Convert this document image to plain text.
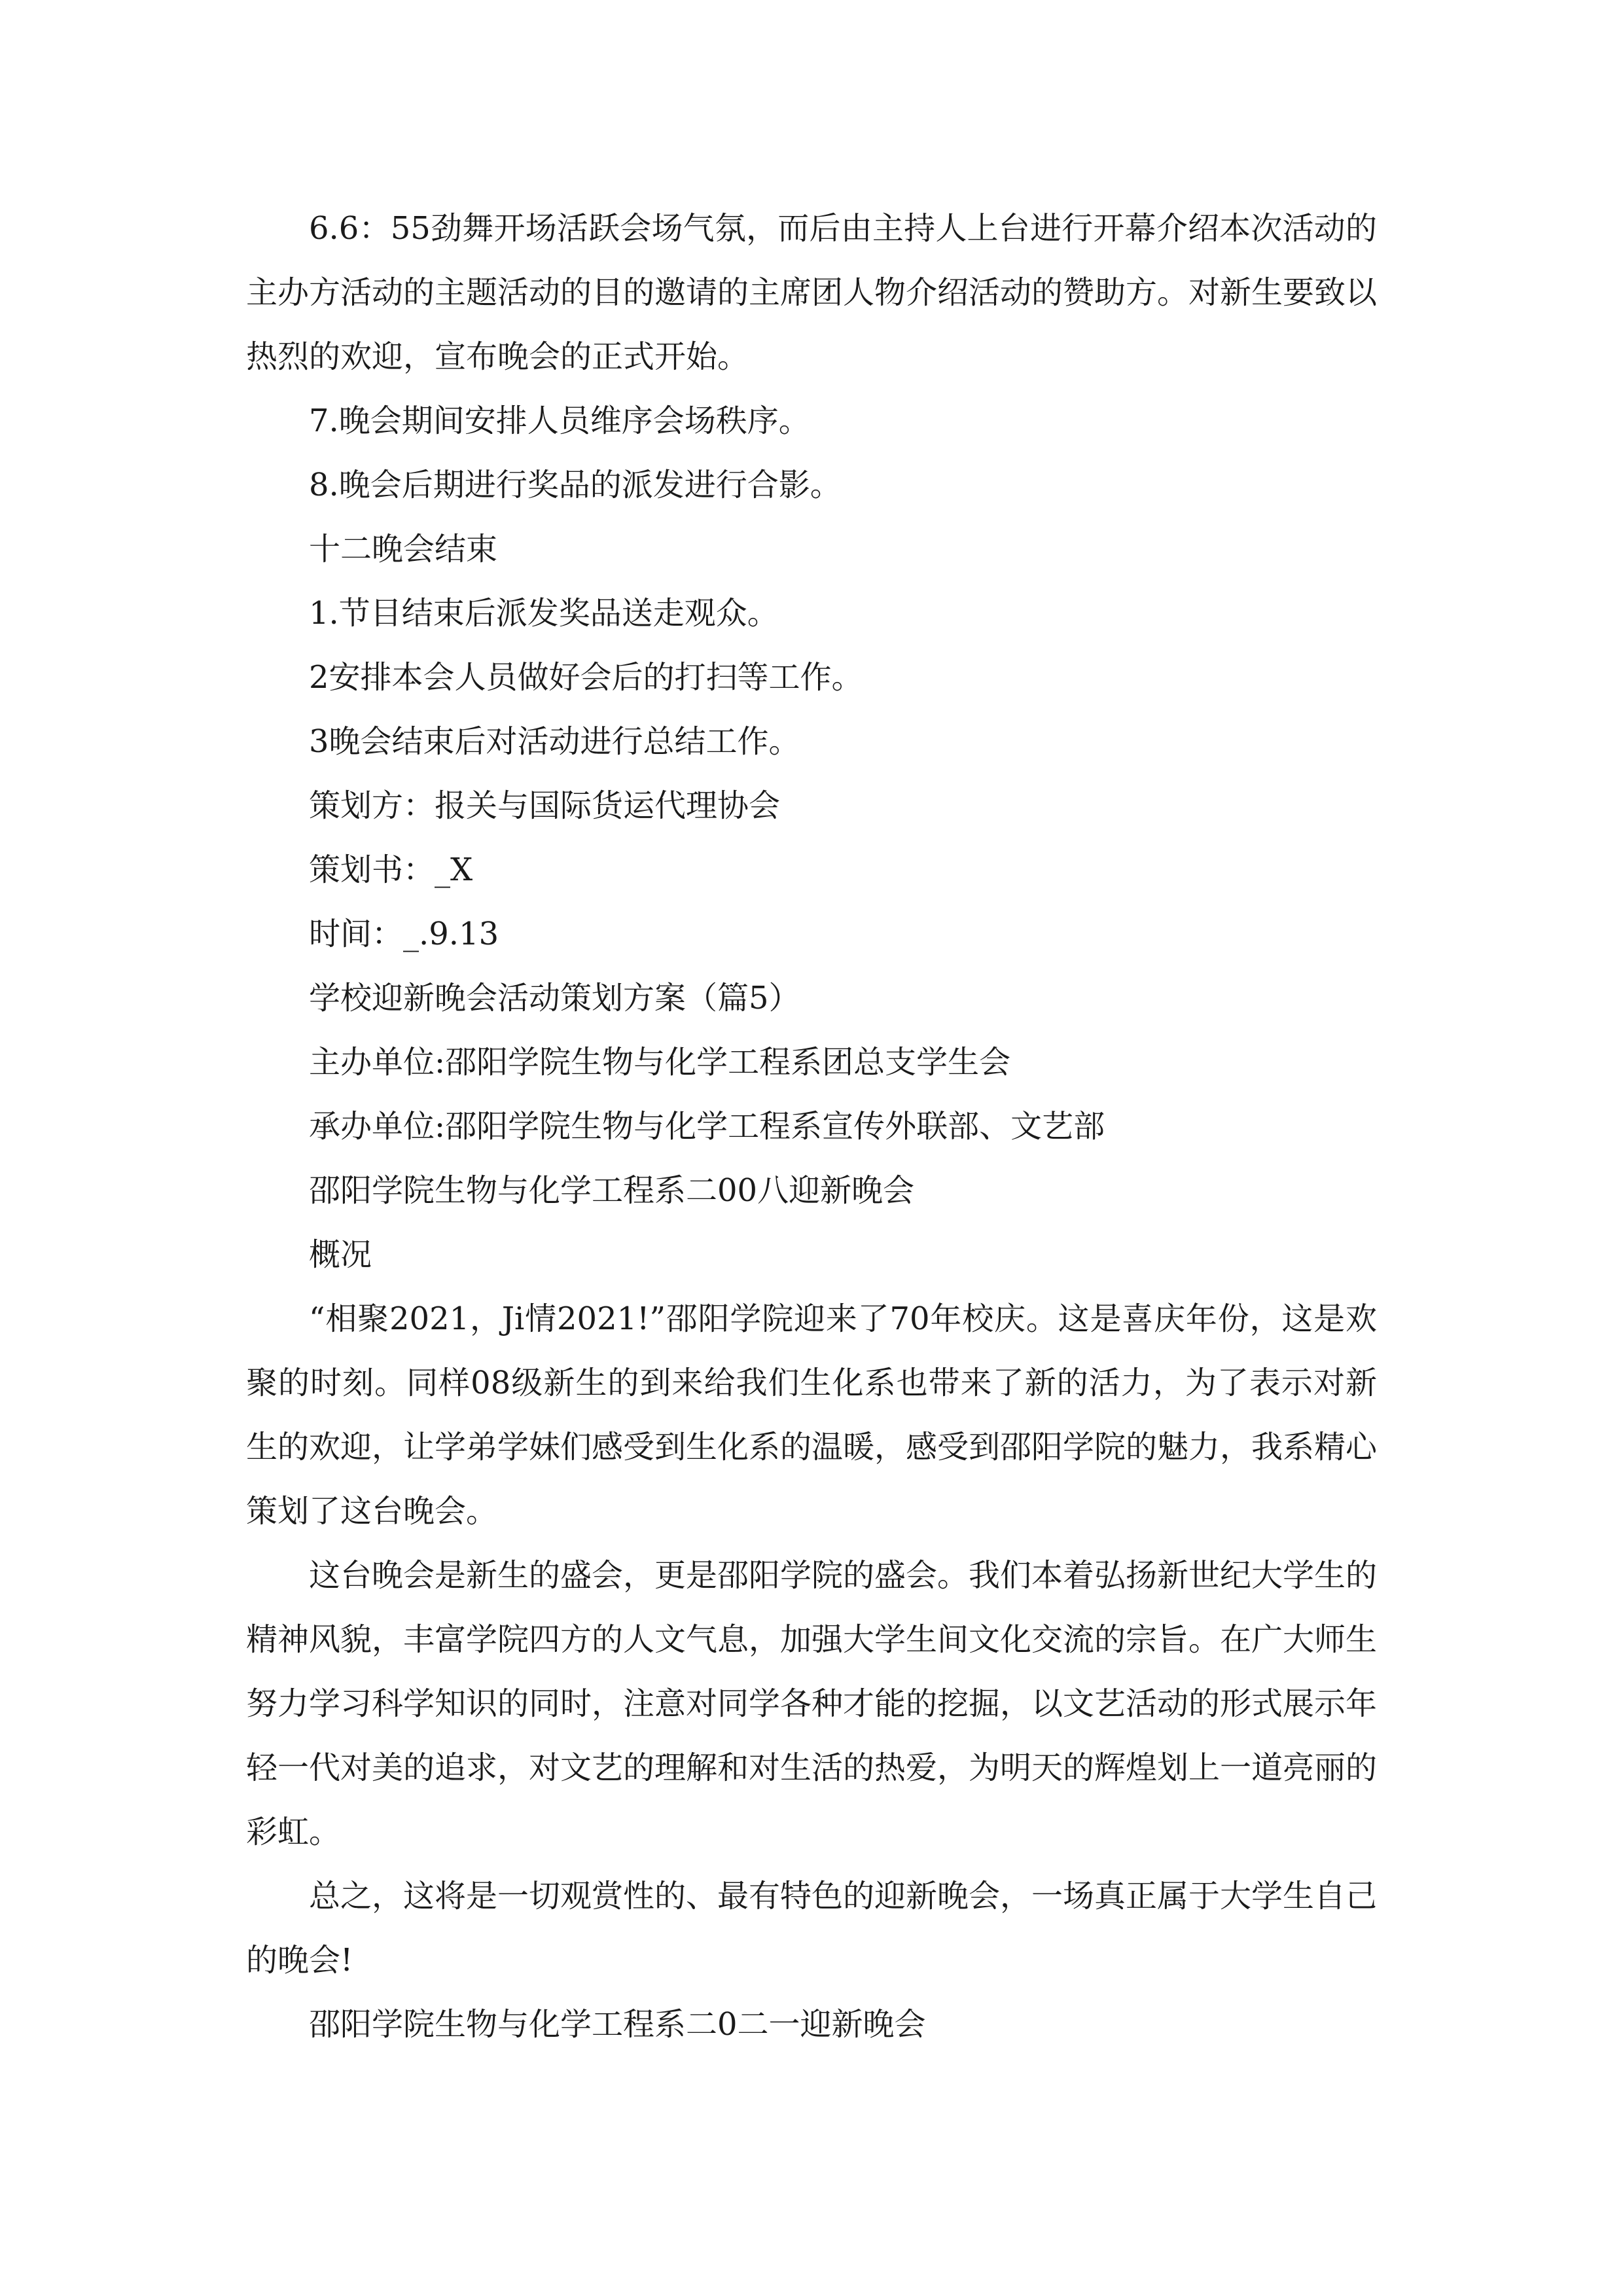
6.6：55劲舞开场活跃会场气氛，而后由主持人上台进行开幕介绍本次活动的主办方活动的主题活动的目的邀请的主席团人物介绍活动的赞助方。对新生要致以热烈的欢迎，宣布晚会的正式开始。

7.晚会期间安排人员维序会场秩序。

8.晚会后期进行奖品的派发进行合影。

十二晚会结束

1.节目结束后派发奖品送走观众。

2安排本会人员做好会后的打扫等工作。

3晚会结束后对活动进行总结工作。

策划方：报关与国际货运代理协会

策划书：_X

时间：_.9.13

学校迎新晚会活动策划方案（篇5）

主办单位:邵阳学院生物与化学工程系团总支学生会

承办单位:邵阳学院生物与化学工程系宣传外联部、文艺部

邵阳学院生物与化学工程系二00八迎新晚会

概况

“相聚2021，Ji情2021!”邵阳学院迎来了70年校庆。这是喜庆年份，这是欢聚的时刻。同样08级新生的到来给我们生化系也带来了新的活力，为了表示对新生的欢迎，让学弟学妹们感受到生化系的温暖，感受到邵阳学院的魅力，我系精心策划了这台晚会。

这台晚会是新生的盛会，更是邵阳学院的盛会。我们本着弘扬新世纪大学生的精神风貌，丰富学院四方的人文气息，加强大学生间文化交流的宗旨。在广大师生努力学习科学知识的同时，注意对同学各种才能的挖掘，以文艺活动的形式展示年轻一代对美的追求，对文艺的理解和对生活的热爱，为明天的辉煌划上一道亮丽的彩虹。

总之，这将是一切观赏性的、最有特色的迎新晚会，一场真正属于大学生自己的晚会!

邵阳学院生物与化学工程系二0二一迎新晚会
